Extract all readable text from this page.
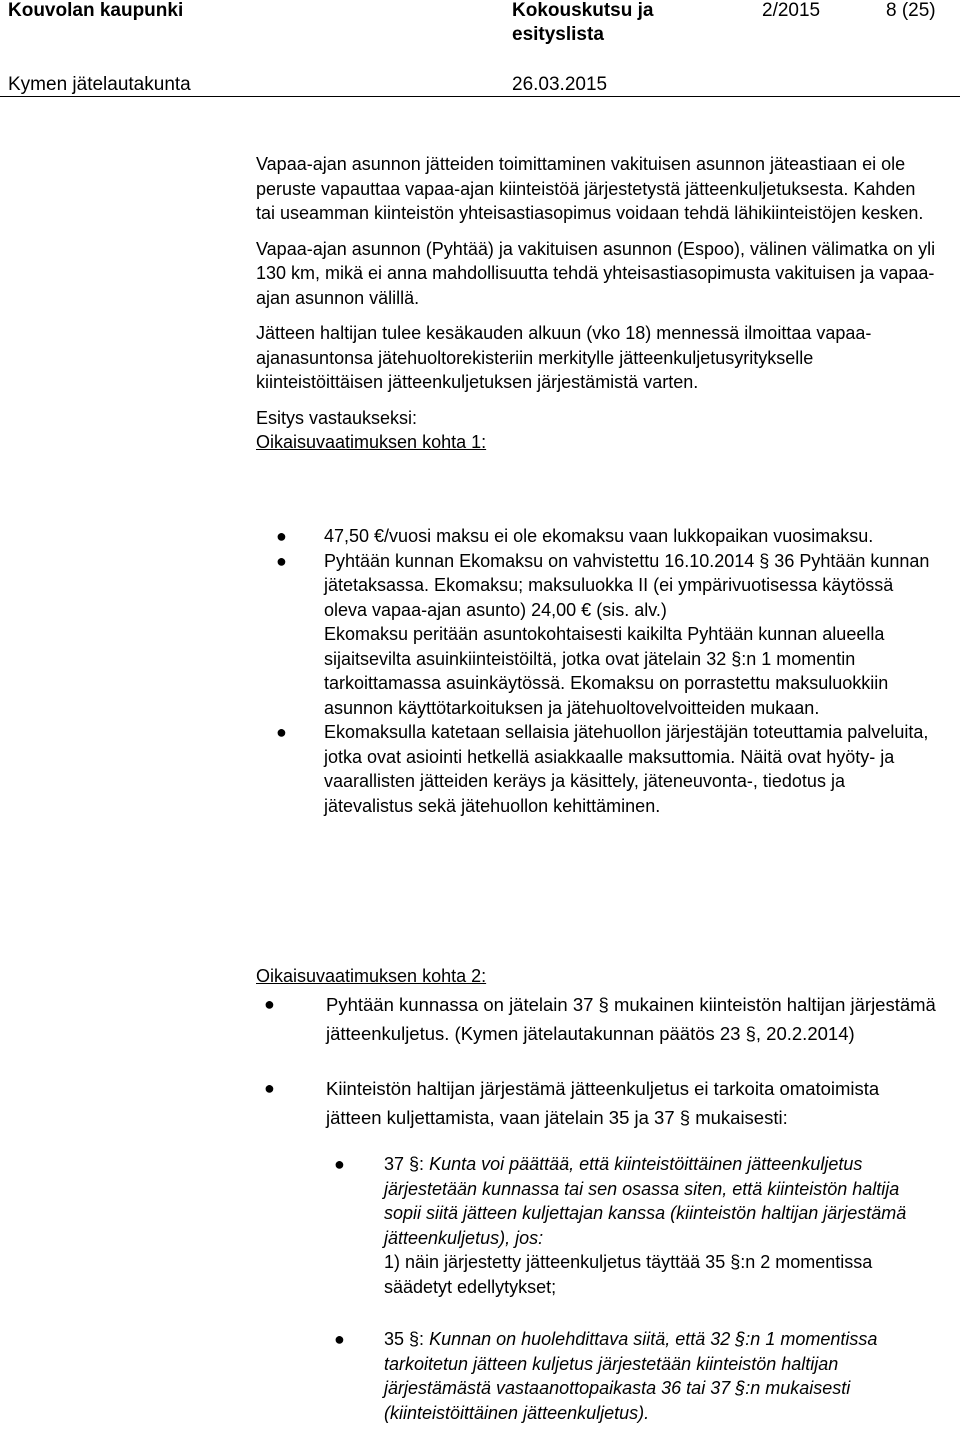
Kouvolan kaupunki	Kokouskutsu ja
esityslista
2/2015	8 (25)
Kymen jätelautakunta	26.03.2015

Vapaa-ajan asunnon jätteiden toimittaminen vakituisen asunnon jäteastiaan ei ole peruste vapauttaa vapaa-ajan kiinteistöä järjestetystä jätteenkuljetuksesta. Kahden tai useamman kiinteistön yhteisastiasopimus voidaan tehdä lähikiinteistöjen kesken.

Vapaa-ajan asunnon (Pyhtää) ja vakituisen asunnon (Espoo), välinen välimatka on yli 130 km, mikä ei anna mahdollisuutta tehdä yhteisastiasopimusta vakituisen ja vapaa-ajan asunnon välillä.

Jätteen haltijan tulee kesäkauden alkuun (vko 18) mennessä ilmoittaa vapaa-ajanasuntonsa jätehuoltorekisteriin merkitylle jätteenkuljetusyritykselle kiinteistöittäisen jätteenkuljetuksen järjestämistä varten.

Esitys vastaukseksi:

Oikaisuvaatimuksen kohta 1:

● 47,50 €/vuosi maksu ei ole ekomaksu vaan lukkopaikan vuosimaksu.
● Pyhtään kunnan Ekomaksu on vahvistettu 16.10.2014 § 36 Pyhtään kunnan jätetaksassa. Ekomaksu; maksuluokka II (ei ympärivuotisessa käytössä oleva vapaa-ajan asunto) 24,00 € (sis. alv.)
Ekomaksu peritään asuntokohtaisesti kaikilta Pyhtään kunnan alueella sijaitsevilta asuinkiinteistöiltä, jotka ovat jätelain 32 §:n 1 momentin tarkoittamassa asuinkäytössä. Ekomaksu on porrastettu maksuluokkiin asunnon käyttötarkoituksen ja jätehuoltovelvoitteiden mukaan.
● Ekomaksulla katetaan sellaisia jätehuollon järjestäjän toteuttamia palveluita, jotka ovat asiointi hetkellä asiakkaalle maksuttomia. Näitä ovat hyöty- ja vaarallisten jätteiden keräys ja käsittely, jäteneuvonta-, tiedotus ja jätevalistus sekä jätehuollon kehittäminen.

Oikaisuvaatimuksen kohta 2:

●	Pyhtään kunnassa on jätelain 37 § mukainen kiinteistön haltijan järjestämä jätteenkuljetus. (Kymen jätelautakunnan päätös 23 §, 20.2.2014)
●	Kiinteistön haltijan järjestämä jätteenkuljetus ei tarkoita omatoimista jätteen kuljettamista, vaan jätelain 35 ja 37 § mukaisesti:
● 37 §: Kunta voi päättää, että kiinteistöittäinen jätteenkuljetus järjestetään kunnassa tai sen osassa siten, että kiinteistön haltija sopii siitä jätteen kuljettajan kanssa (kiinteistön haltijan järjestämä jätteenkuljetus), jos:
1) näin järjestetty jätteenkuljetus täyttää 35 §:n 2 momentissa säädetyt edellytykset;
● 35 §: Kunnan on huolehdittava siitä, että 32 §:n 1 momentissa tarkoitetun jätteen kuljetus järjestetään kiinteistön haltijan järjestämästä vastaanottopaikasta 36 tai 37 §:n mukaisesti (kiinteistöittäinen jätteenkuljetus).
